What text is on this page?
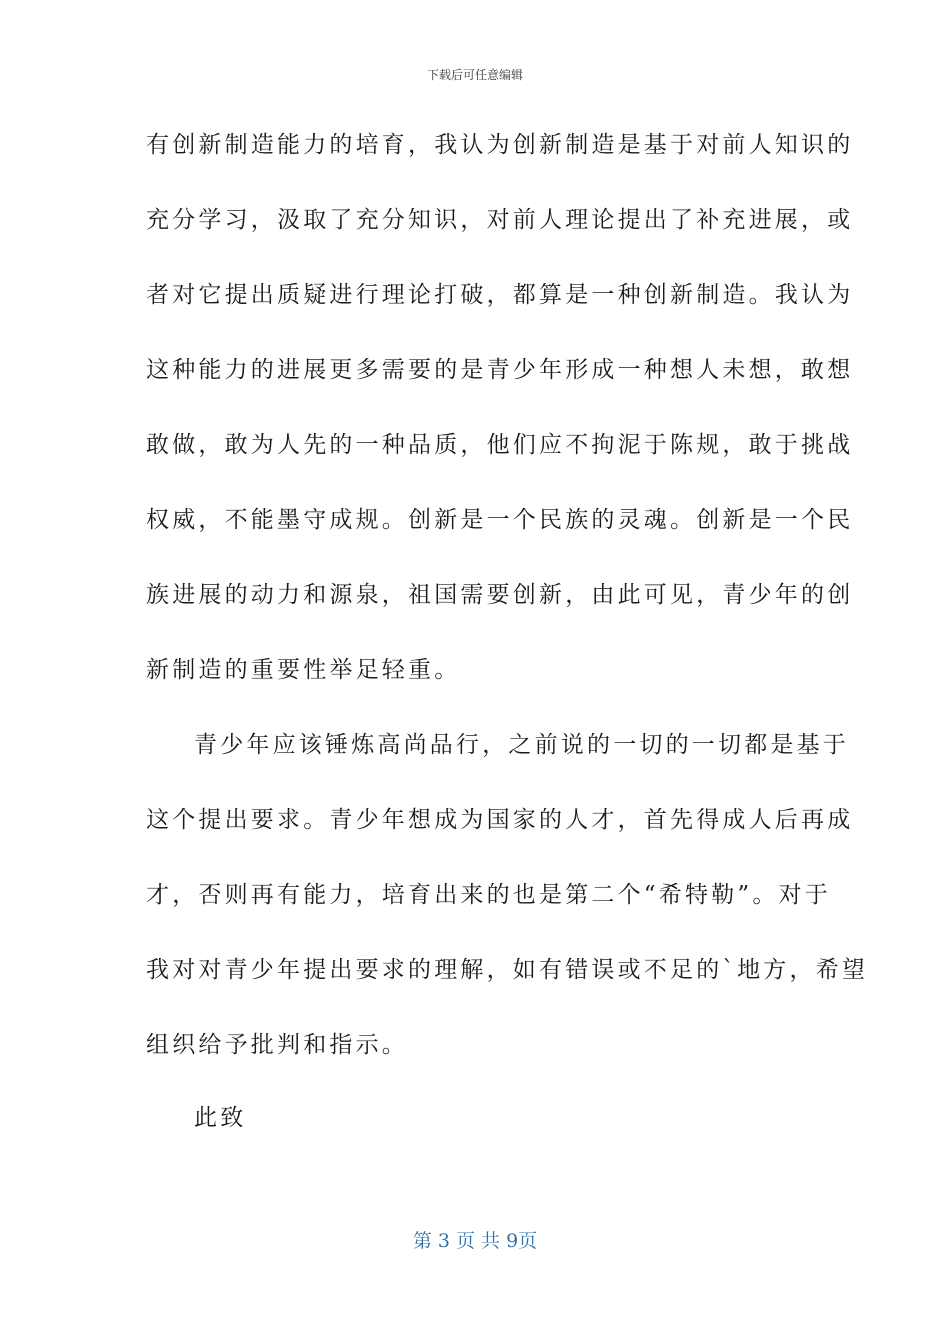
下载后可任意编辑
有创新制造能力的培育，我认为创新制造是基于对前人知识的
充分学习，汲取了充分知识，对前人理论提出了补充进展，或
者对它提出质疑进行理论打破，都算是一种创新制造。我认为
这种能力的进展更多需要的是青少年形成一种想人未想，敢想
敢做，敢为人先的一种品质，他们应不拘泥于陈规，敢于挑战
权威，不能墨守成规。创新是一个民族的灵魂。创新是一个民
族进展的动力和源泉，祖国需要创新，由此可见，青少年的创
新制造的重要性举足轻重。
青少年应该锤炼高尚品行，之前说的一切的一切都是基于
这个提出要求。青少年想成为国家的人才，首先得成人后再成
才，否则再有能力，培育出来的也是第二个“希特勒”。对于
我对对青少年提出要求的理解，如有错误或不足的`地方，希望
组织给予批判和指示。
此致
第 3 页 共 9页
